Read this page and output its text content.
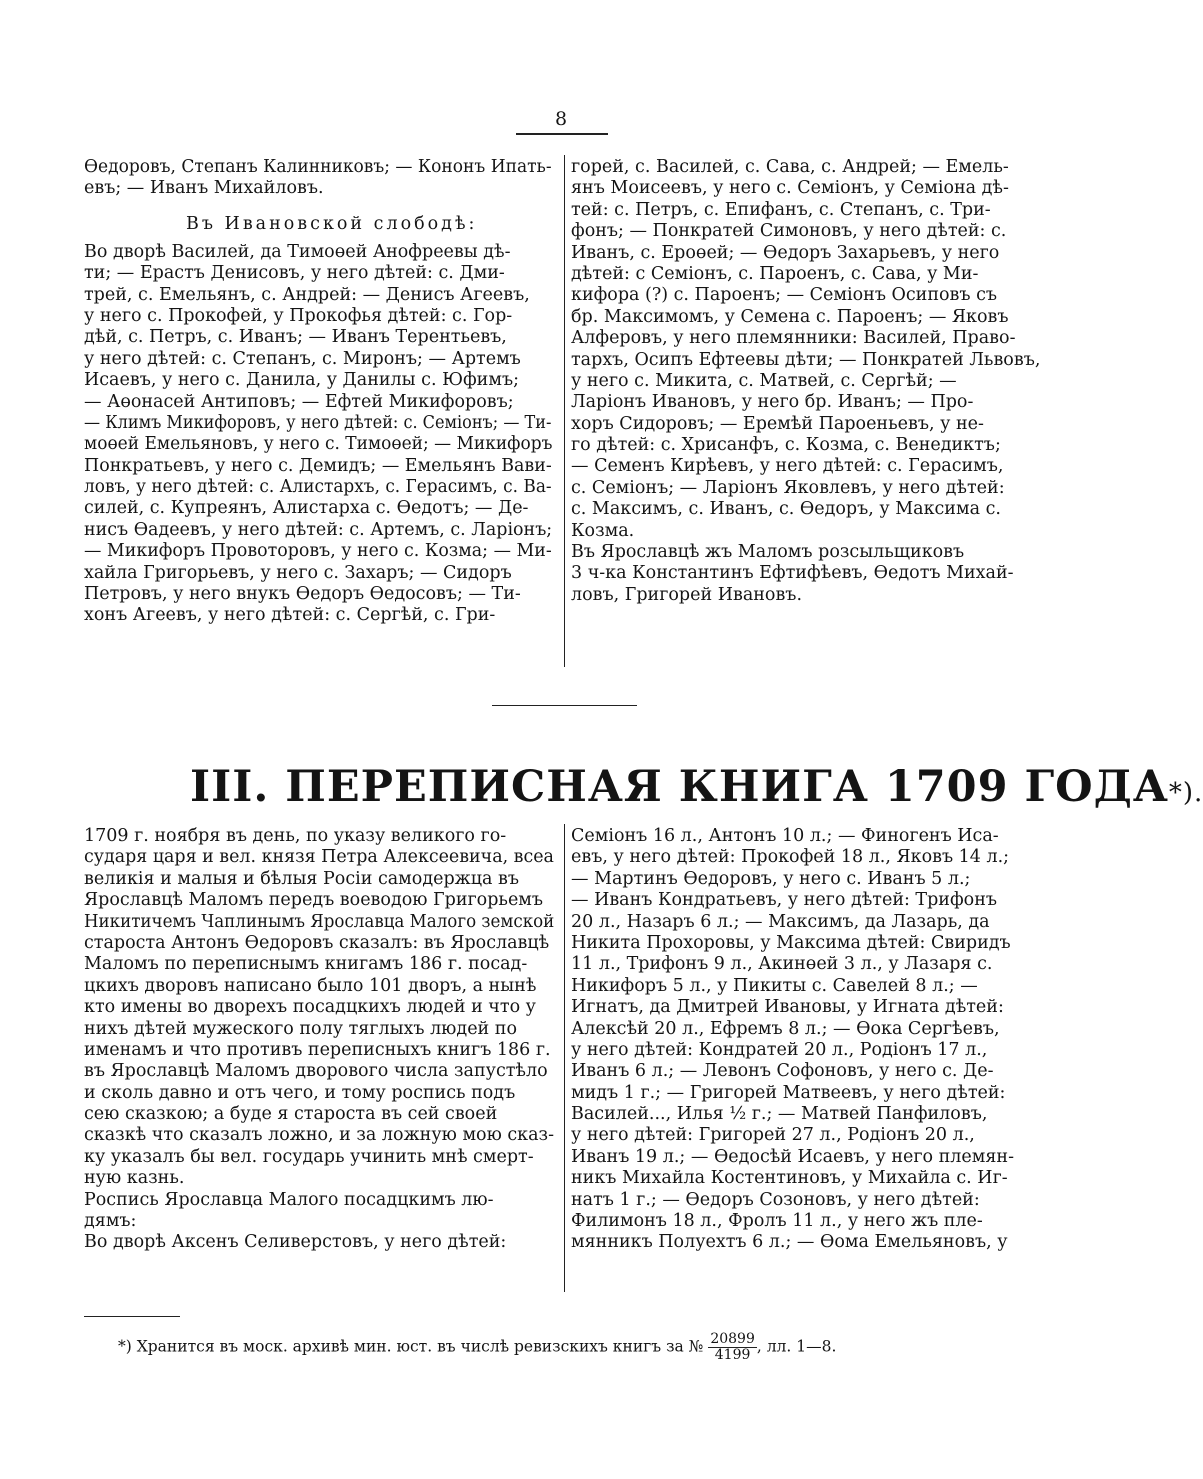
8
Өедоровъ, Степанъ Калинниковъ; — Кононъ Ипать-
евъ; — Иванъ Михайловъ.
Въ Ивановской слободѣ:
Во дворѣ Василей, да Тимоөей Анофреевы дѣ-
ти; — Ерастъ Денисовъ, у него дѣтей: с. Дми-
трей, с. Емельянъ, с. Андрей: — Денисъ Агеевъ,
у него с. Прокофей, у Прокофья дѣтей: с. Гор-
дѣй, с. Петръ, с. Иванъ; — Иванъ Терентьевъ,
у него дѣтей: с. Степанъ, с. Миронъ; — Артемъ
Исаевъ, у него с. Данила, у Данилы с. Юфимъ;
— Аөонасей Антиповъ; — Ефтей Микифоровъ;
— Климъ Микифоровъ, у него дѣтей: с. Семіонъ; — Ти-
моөей Емельяновъ, у него с. Тимоөей; — Микифоръ
Понкратьевъ, у него с. Демидъ; — Емельянъ Вави-
ловъ, у него дѣтей: с. Алистархъ, с. Герасимъ, с. Ва-
силей, с. Купреянъ, Алистарха с. Өедотъ; — Де-
нисъ Өадеевъ, у него дѣтей: с. Артемъ, с. Ларіонъ;
— Микифоръ Провоторовъ, у него с. Козма; — Ми-
хайла Григорьевъ, у него с. Захаръ; — Сидоръ
Петровъ, у него внукъ Өедоръ Өедосовъ; — Ти-
хонъ Агеевъ, у него дѣтей: с. Сергѣй, с. Гри-
горей, с. Василей, с. Сава, с. Андрей; — Емель-
янъ Моисеевъ, у него с. Семіонъ, у Семіона дѣ-
тей: с. Петръ, с. Епифанъ, с. Степанъ, с. Три-
фонъ; — Понкратей Симоновъ, у него дѣтей: с.
Иванъ, с. Ероөей; — Өедоръ Захарьевъ, у него
дѣтей: с Семіонъ, с. Пароенъ, с. Сава, у Ми-
кифора (?) с. Пароенъ; — Семіонъ Осиповъ съ
бр. Максимомъ, у Семена с. Пароенъ; — Яковъ
Алферовъ, у него племянники: Василей, Право-
тархъ, Осипъ Ефтеевы дѣти; — Понкратей Львовъ,
у него с. Микита, с. Матвей, с. Сергѣй; —
Ларіонъ Ивановъ, у него бр. Иванъ; — Про-
хоръ Сидоровъ; — Еремѣй Пароеньевъ, у не-
го дѣтей: с. Хрисанфъ, с. Козма, с. Венедиктъ;
— Семенъ Кирѣевъ, у него дѣтей: с. Герасимъ,
с. Семіонъ; — Ларіонъ Яковлевъ, у него дѣтей:
с. Максимъ, с. Иванъ, с. Өедоръ, у Максима с.
Козма.
Въ Ярославцѣ жъ Маломъ розсыльщиковъ
3 ч-ка Константинъ Ефтифѣевъ, Өедотъ Михай-
ловъ, Григорей Ивановъ.
III. ПЕРЕПИСНАЯ КНИГА 1709 ГОДА*).
1709 г. ноября въ день, по указу великого го-
сударя царя и вел. князя Петра Алексеевича, всеа
великія и малыя и бѣлыя Росіи самодержца въ
Ярославцѣ Маломъ передъ воеводою Григорьемъ
Никитичемъ Чаплинымъ Ярославца Малого земской
староста Антонъ Өедоровъ сказалъ: въ Ярославцѣ
Маломъ по переписнымъ книгамъ 186 г. посад-
цкихъ дворовъ написано было 101 дворъ, а нынѣ
кто имены во дворехъ посадцкихъ людей и что у
нихъ дѣтей мужеского полу тяглыхъ людей по
именамъ и что противъ переписныхъ книгъ 186 г.
въ Ярославцѣ Маломъ дворового числа запустѣло
и сколь давно и отъ чего, и тому роспись подъ
сею сказкою; а буде я староста въ сей своей
сказкѣ что сказалъ ложно, и за ложную мою сказ-
ку указалъ бы вел. государь учинить мнѣ смерт-
ную казнь.
Роспись Ярославца Малого посадцкимъ лю-
дямъ:
Во дворѣ Аксенъ Селиверстовъ, у него дѣтей:
Семіонъ 16 л., Антонъ 10 л.; — Финогенъ Иса-
евъ, у него дѣтей: Прокофей 18 л., Яковъ 14 л.;
— Мартинъ Өедоровъ, у него с. Иванъ 5 л.;
— Иванъ Кондратьевъ, у него дѣтей: Трифонъ
20 л., Назаръ 6 л.; — Максимъ, да Лазарь, да
Никита Прохоровы, у Максима дѣтей: Свиридъ
11 л., Трифонъ 9 л., Акинөей 3 л., у Лазаря с.
Никифоръ 5 л., у Пикиты с. Савелей 8 л.; —
Игнатъ, да Дмитрей Ивановы, у Игната дѣтей:
Алексѣй 20 л., Ефремъ 8 л.; — Өока Сергѣевъ,
у него дѣтей: Кондратей 20 л., Родіонъ 17 л.,
Иванъ 6 л.; — Левонъ Софоновъ, у него с. Де-
мидъ 1 г.; — Григорей Матвеевъ, у него дѣтей:
Василей..., Илья ½ г.; — Матвей Панфиловъ,
у него дѣтей: Григорей 27 л., Родіонъ 20 л.,
Иванъ 19 л.; — Өедосѣй Исаевъ, у него племян-
никъ Михайла Костентиновъ, у Михайла с. Иг-
натъ 1 г.; — Өедоръ Созоновъ, у него дѣтей:
Филимонъ 18 л., Фролъ 11 л., у него жъ пле-
мянникъ Полуехтъ 6 л.; — Өома Емельяновъ, у
*) Хранится въ моск. архивѣ мин. юст. въ числѣ ревизскихъ книгъ за № $\frac{20899}{4199}$ , лл. 1—8.
